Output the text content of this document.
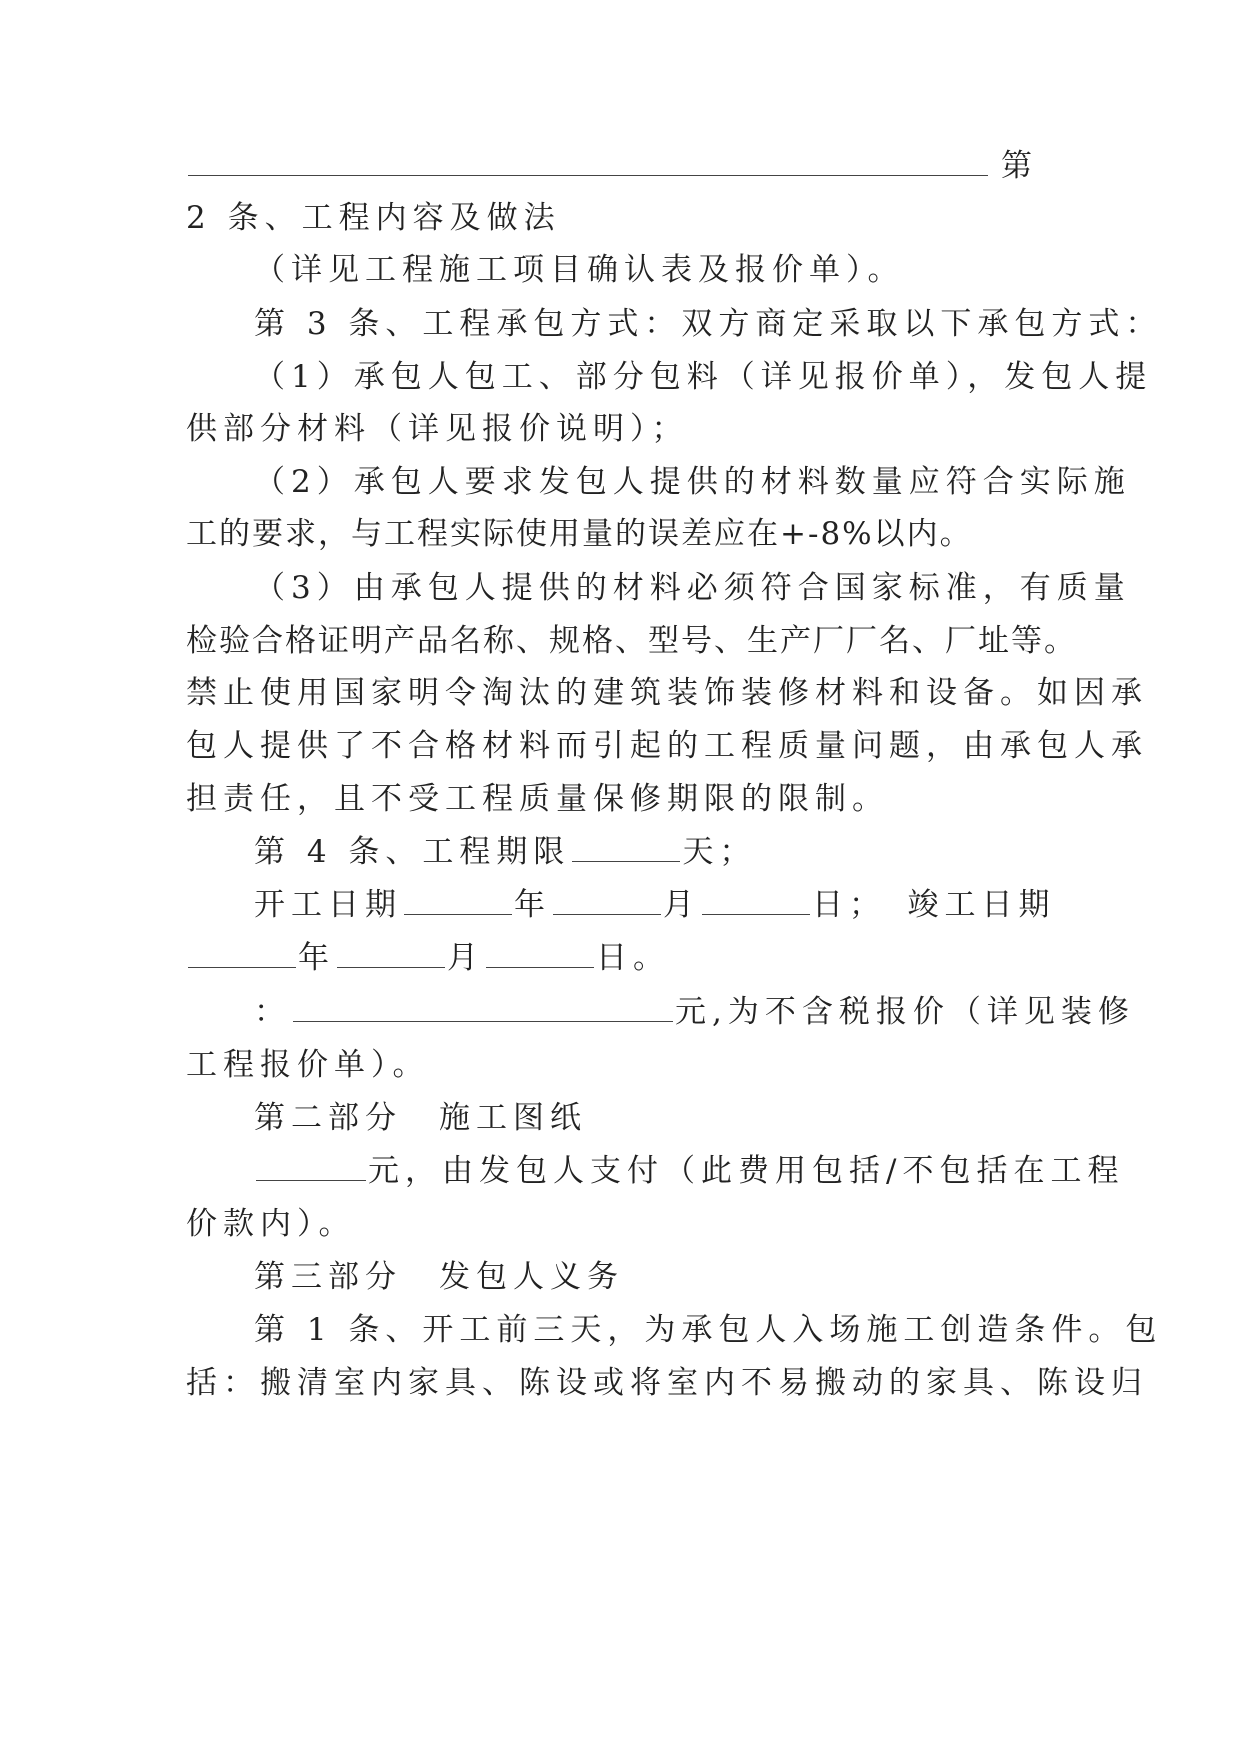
第
2 条、工程内容及做法
（详见工程施工项目确认表及报价单）。
第 3 条、工程承包方式：双方商定采取以下承包方式：
（1）承包人包工、部分包料（详见报价单），发包人提
供部分材料（详见报价说明）；
（2）承包人要求发包人提供的材料数量应符合实际施
工的要求，与工程实际使用量的误差应在+-8%以内。
（3）由承包人提供的材料必须符合国家标准，有质量
检验合格证明产品名称、规格、型号、生产厂厂名、厂址等。
禁止使用国家明令淘汰的建筑装饰装修材料和设备。如因承
包人提供了不合格材料而引起的工程质量问题，由承包人承
担责任，且不受工程质量保修期限的限制。
第 4 条、工程期限	天；
开工日期	年	月	日；　竣工日期
年	月	日。
：	元,为不含税报价（详见装修
工程报价单）。
第二部分　施工图纸
元，由发包人支付（此费用包括/不包括在工程
价款内）。
第三部分　发包人义务
第 1 条、开工前三天，为承包人入场施工创造条件。包
括：搬清室内家具、陈设或将室内不易搬动的家具、陈设归
